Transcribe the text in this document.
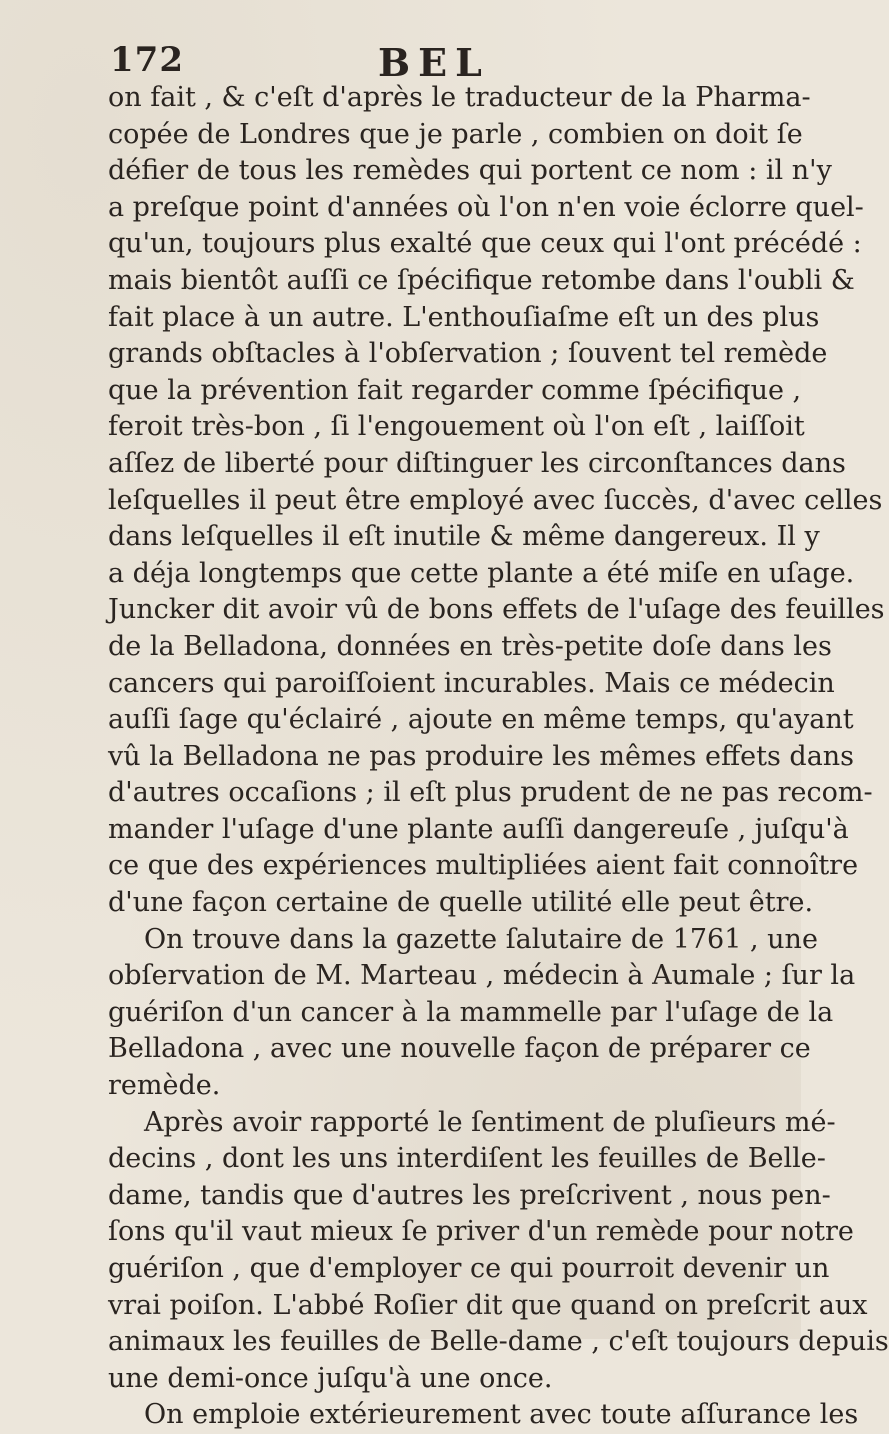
172	BEL
on fait , & c'eſt d'après le traducteur de la Pharma-
copée de Londres que je parle , combien on doit ſe
défier de tous les remèdes qui portent ce nom : il n'y
a preſque point d'années où l'on n'en voie éclorre quel-
qu'un, toujours plus exalté que ceux qui l'ont précédé :
mais bientôt auſſi ce ſpécifique retombe dans l'oubli &
fait place à un autre. L'enthouſiaſme eſt un des plus
grands obſtacles à l'obſervation ; ſouvent tel remède
que la prévention fait regarder comme ſpécifique ,
feroit très-bon , ſi l'engouement où l'on eſt , laiſſoit
aſſez de liberté pour diſtinguer les circonſtances dans
leſquelles il peut être employé avec ſuccès, d'avec celles
dans leſquelles il eſt inutile & même dangereux. Il y
a déja longtemps que cette plante a été miſe en uſage.
Juncker dit avoir vû de bons effets de l'uſage des feuilles
de la Belladona, données en très-petite doſe dans les
cancers qui paroiſſoient incurables. Mais ce médecin
auſſi ſage qu'éclairé , ajoute en même temps, qu'ayant
vû la Belladona ne pas produire les mêmes effets dans
d'autres occaſions ; il eſt plus prudent de ne pas recom-
mander l'uſage d'une plante auſſi dangereuſe , juſqu'à
ce que des expériences multipliées aient fait connoître
d'une façon certaine de quelle utilité elle peut être.
On trouve dans la gazette ſalutaire de 1761 , une
obſervation de M. Marteau , médecin à Aumale ; ſur la
guériſon d'un cancer à la mammelle par l'uſage de la
Belladona , avec une nouvelle façon de préparer ce
remède.
Après avoir rapporté le ſentiment de pluſieurs mé-
decins , dont les uns interdiſent les feuilles de Belle-
dame, tandis que d'autres les preſcrivent , nous pen-
ſons qu'il vaut mieux ſe priver d'un remède pour notre
guériſon , que d'employer ce qui pourroit devenir un
vrai poiſon. L'abbé Roſier dit que quand on preſcrit aux
animaux les feuilles de Belle-dame , c'eſt toujours depuis
une demi-once juſqu'à une once.
On emploie extérieurement avec toute aſſurance les
